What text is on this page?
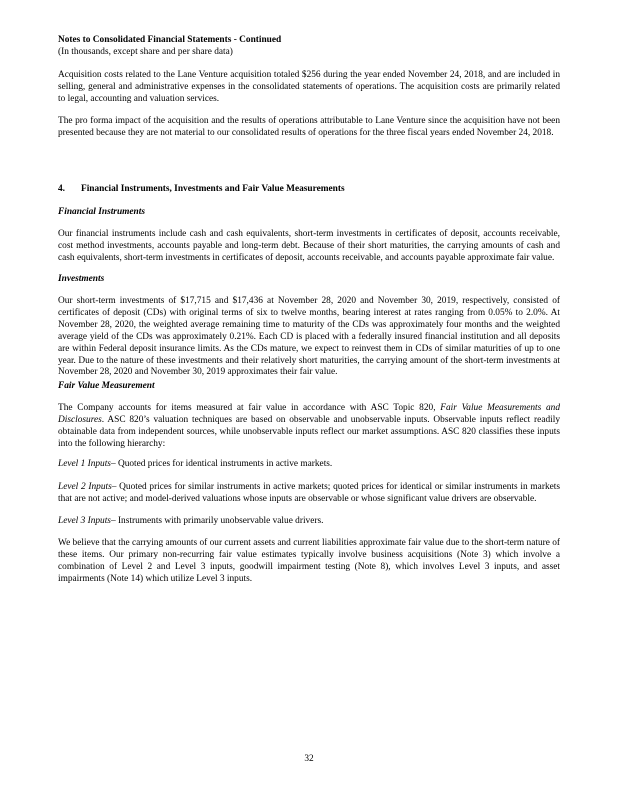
Notes to Consolidated Financial Statements - Continued
(In thousands, except share and per share data)
Acquisition costs related to the Lane Venture acquisition totaled $256 during the year ended November 24, 2018, and are included in selling, general and administrative expenses in the consolidated statements of operations. The acquisition costs are primarily related to legal, accounting and valuation services.
The pro forma impact of the acquisition and the results of operations attributable to Lane Venture since the acquisition have not been presented because they are not material to our consolidated results of operations for the three fiscal years ended November 24, 2018.
4. Financial Instruments, Investments and Fair Value Measurements
Financial Instruments
Our financial instruments include cash and cash equivalents, short-term investments in certificates of deposit, accounts receivable, cost method investments, accounts payable and long-term debt. Because of their short maturities, the carrying amounts of cash and cash equivalents, short-term investments in certificates of deposit, accounts receivable, and accounts payable approximate fair value.
Investments
Our short-term investments of $17,715 and $17,436 at November 28, 2020 and November 30, 2019, respectively, consisted of certificates of deposit (CDs) with original terms of six to twelve months, bearing interest at rates ranging from 0.05% to 2.0%. At November 28, 2020, the weighted average remaining time to maturity of the CDs was approximately four months and the weighted average yield of the CDs was approximately 0.21%. Each CD is placed with a federally insured financial institution and all deposits are within Federal deposit insurance limits. As the CDs mature, we expect to reinvest them in CDs of similar maturities of up to one year. Due to the nature of these investments and their relatively short maturities, the carrying amount of the short-term investments at November 28, 2020 and November 30, 2019 approximates their fair value.
Fair Value Measurement
The Company accounts for items measured at fair value in accordance with ASC Topic 820, Fair Value Measurements and Disclosures. ASC 820’s valuation techniques are based on observable and unobservable inputs. Observable inputs reflect readily obtainable data from independent sources, while unobservable inputs reflect our market assumptions. ASC 820 classifies these inputs into the following hierarchy:
Level 1 Inputs– Quoted prices for identical instruments in active markets.
Level 2 Inputs– Quoted prices for similar instruments in active markets; quoted prices for identical or similar instruments in markets that are not active; and model-derived valuations whose inputs are observable or whose significant value drivers are observable.
Level 3 Inputs– Instruments with primarily unobservable value drivers.
We believe that the carrying amounts of our current assets and current liabilities approximate fair value due to the short-term nature of these items. Our primary non-recurring fair value estimates typically involve business acquisitions (Note 3) which involve a combination of Level 2 and Level 3 inputs, goodwill impairment testing (Note 8), which involves Level 3 inputs, and asset impairments (Note 14) which utilize Level 3 inputs.
32
